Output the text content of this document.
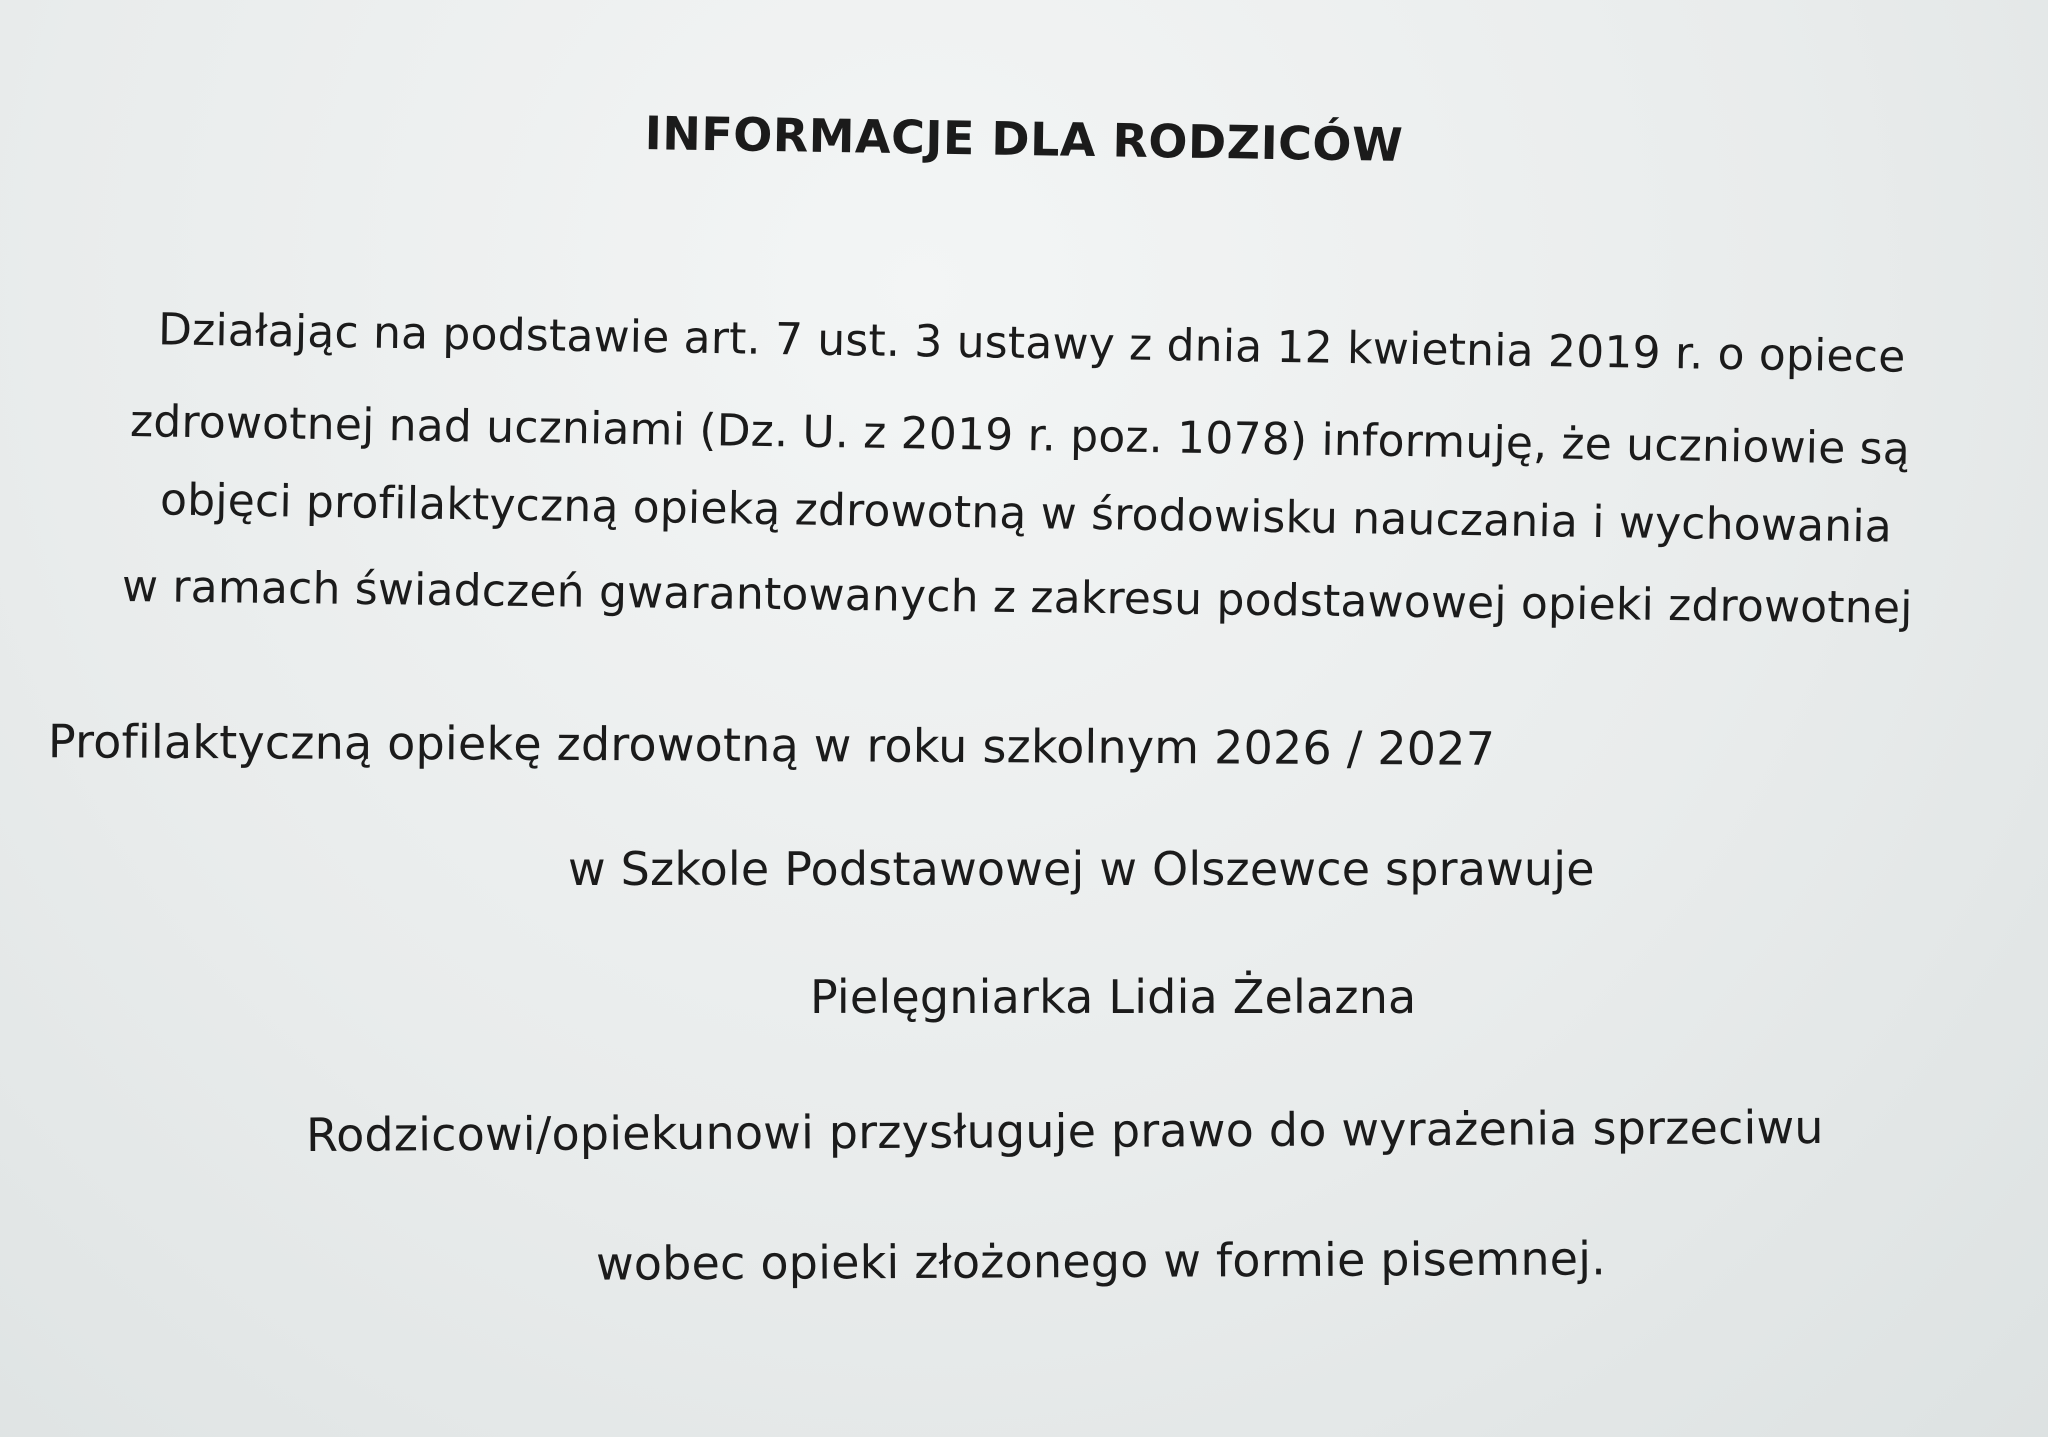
INFORMACJE DLA RODZICÓW
Działając na podstawie art. 7 ust. 3 ustawy z dnia 12 kwietnia 2019 r. o opiece
zdrowotnej nad uczniami (Dz. U. z 2019 r. poz. 1078) informuję, że uczniowie są
objęci profilaktyczną opieką zdrowotną w środowisku nauczania i wychowania
w ramach świadczeń gwarantowanych z zakresu podstawowej opieki zdrowotnej
Profilaktyczną opiekę zdrowotną w roku szkolnym 2026 / 2027
w Szkole Podstawowej w Olszewce sprawuje
Pielęgniarka Lidia Żelazna
Rodzicowi/opiekunowi przysługuje prawo do wyrażenia sprzeciwu
wobec opieki złożonego w formie pisemnej.
